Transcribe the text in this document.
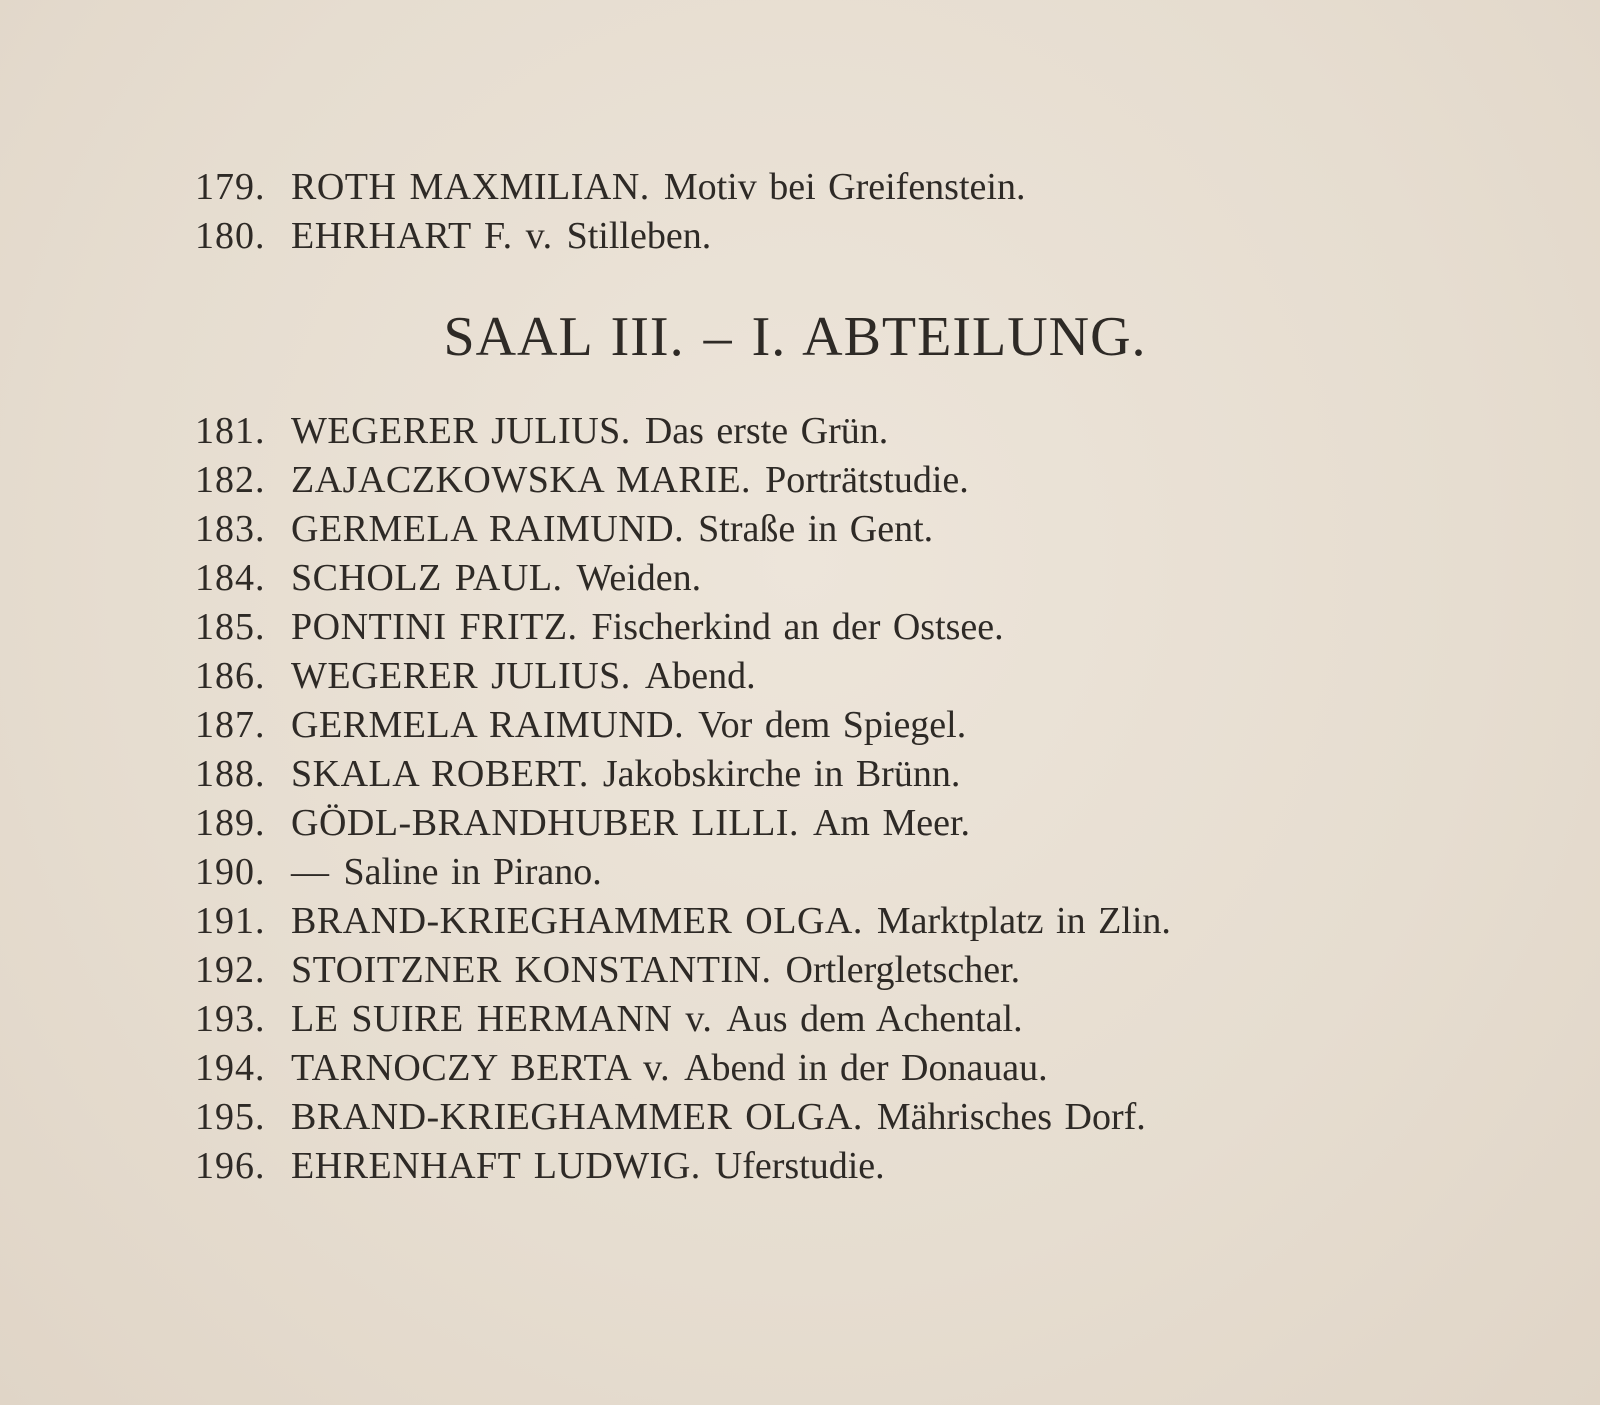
179. ROTH MAXMILIAN. Motiv bei Greifenstein.
180. EHRHART F. v. Stilleben.
SAAL III. – I. ABTEILUNG.
181. WEGERER JULIUS. Das erste Grün.
182. ZAJACZKOWSKA MARIE. Porträtstudie.
183. GERMELA RAIMUND. Straße in Gent.
184. SCHOLZ PAUL. Weiden.
185. PONTINI FRITZ. Fischerkind an der Ostsee.
186. WEGERER JULIUS. Abend.
187. GERMELA RAIMUND. Vor dem Spiegel.
188. SKALA ROBERT. Jakobskirche in Brünn.
189. GÖDL-BRANDHUBER LILLI. Am Meer.
190. — Saline in Pirano.
191. BRAND-KRIEGHAMMER OLGA. Marktplatz in Zlin.
192. STOITZNER KONSTANTIN. Ortlergletscher.
193. LE SUIRE HERMANN v. Aus dem Achental.
194. TARNOCZY BERTA v. Abend in der Donauau.
195. BRAND-KRIEGHAMMER OLGA. Mährisches Dorf.
196. EHRENHAFT LUDWIG. Uferstudie.
